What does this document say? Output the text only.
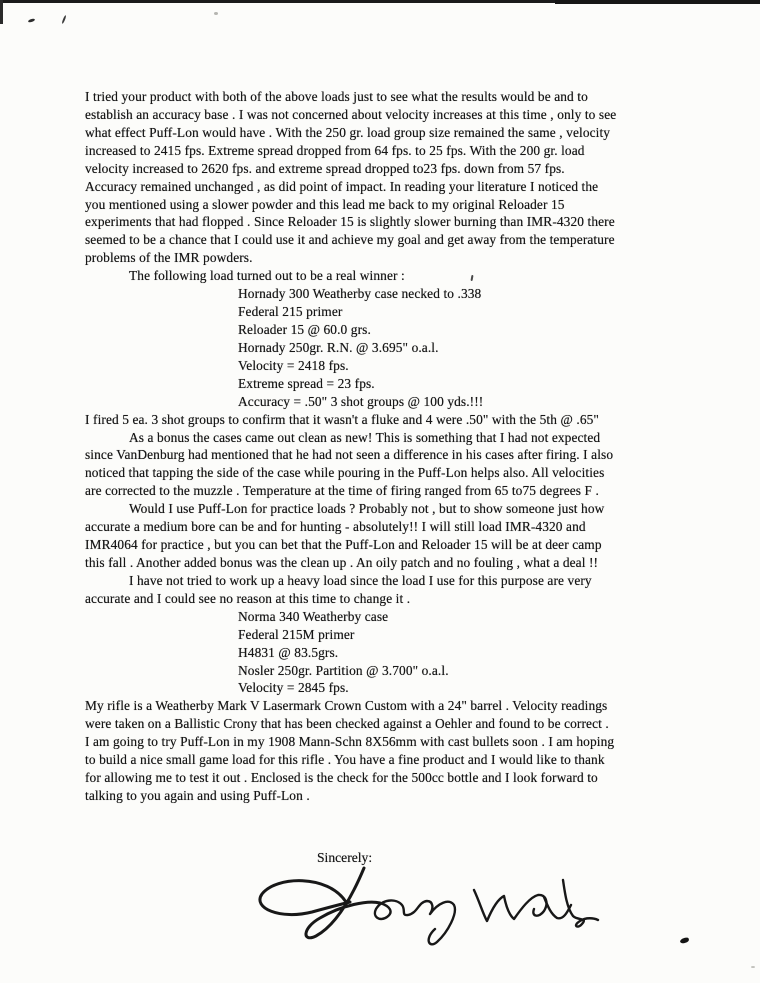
I tried your product with both of the above loads just to see what the results would be and to
establish an accuracy base . I was not concerned about velocity increases at this time , only to see
what effect Puff-Lon would have . With the 250 gr. load group size remained the same , velocity
increased to 2415 fps. Extreme spread dropped from 64 fps. to 25 fps. With the 200 gr. load
velocity increased to 2620 fps. and extreme spread dropped to23 fps. down from 57 fps.
Accuracy remained unchanged , as did point of impact. In reading your literature I noticed the
you mentioned using a slower powder and this lead me back to my original Reloader 15
experiments that had flopped . Since Reloader 15 is slightly slower burning than IMR-4320 there
seemed to be a chance that I could use it and achieve my goal and get away from the temperature
problems of the IMR powders.
The following load turned out to be a real winner :
Hornady 300 Weatherby case necked to .338
Federal 215 primer
Reloader 15 @ 60.0 grs.
Hornady 250gr. R.N. @ 3.695" o.a.l.
Velocity = 2418 fps.
Extreme spread = 23 fps.
Accuracy = .50" 3 shot groups @ 100 yds.!!!
I fired 5 ea. 3 shot groups to confirm that it wasn't a fluke and 4 were .50" with the 5th @ .65"
As a bonus the cases came out clean as new! This is something that I had not expected
since VanDenburg had mentioned that he had not seen a difference in his cases after firing. I also
noticed that tapping the side of the case while pouring in the Puff-Lon helps also. All velocities
are corrected to the muzzle . Temperature at the time of firing ranged from 65 to75 degrees F .
Would I use Puff-Lon for practice loads ? Probably not , but to show someone just how
accurate a medium bore can be and for hunting - absolutely!! I will still load IMR-4320 and
IMR4064 for practice , but you can bet that the Puff-Lon and Reloader 15 will be at deer camp
this fall . Another added bonus was the clean up . An oily patch and no fouling , what a deal !!
I have not tried to work up a heavy load since the load I use for this purpose are very
accurate and I could see no reason at this time to change it .
Norma 340 Weatherby case
Federal 215M primer
H4831 @ 83.5grs.
Nosler 250gr. Partition @ 3.700" o.a.l.
Velocity = 2845 fps.
My rifle is a Weatherby Mark V Lasermark Crown Custom with a 24" barrel . Velocity readings
were taken on a Ballistic Crony that has been checked against a Oehler and found to be correct .
I am going to try Puff-Lon in my 1908 Mann-Schn 8X56mm with cast bullets soon . I am hoping
to build a nice small game load for this rifle . You have a fine product and I would like to thank
for allowing me to test it out . Enclosed is the check for the 500cc bottle and I look forward to
talking to you again and using Puff-Lon .
Sincerely:
